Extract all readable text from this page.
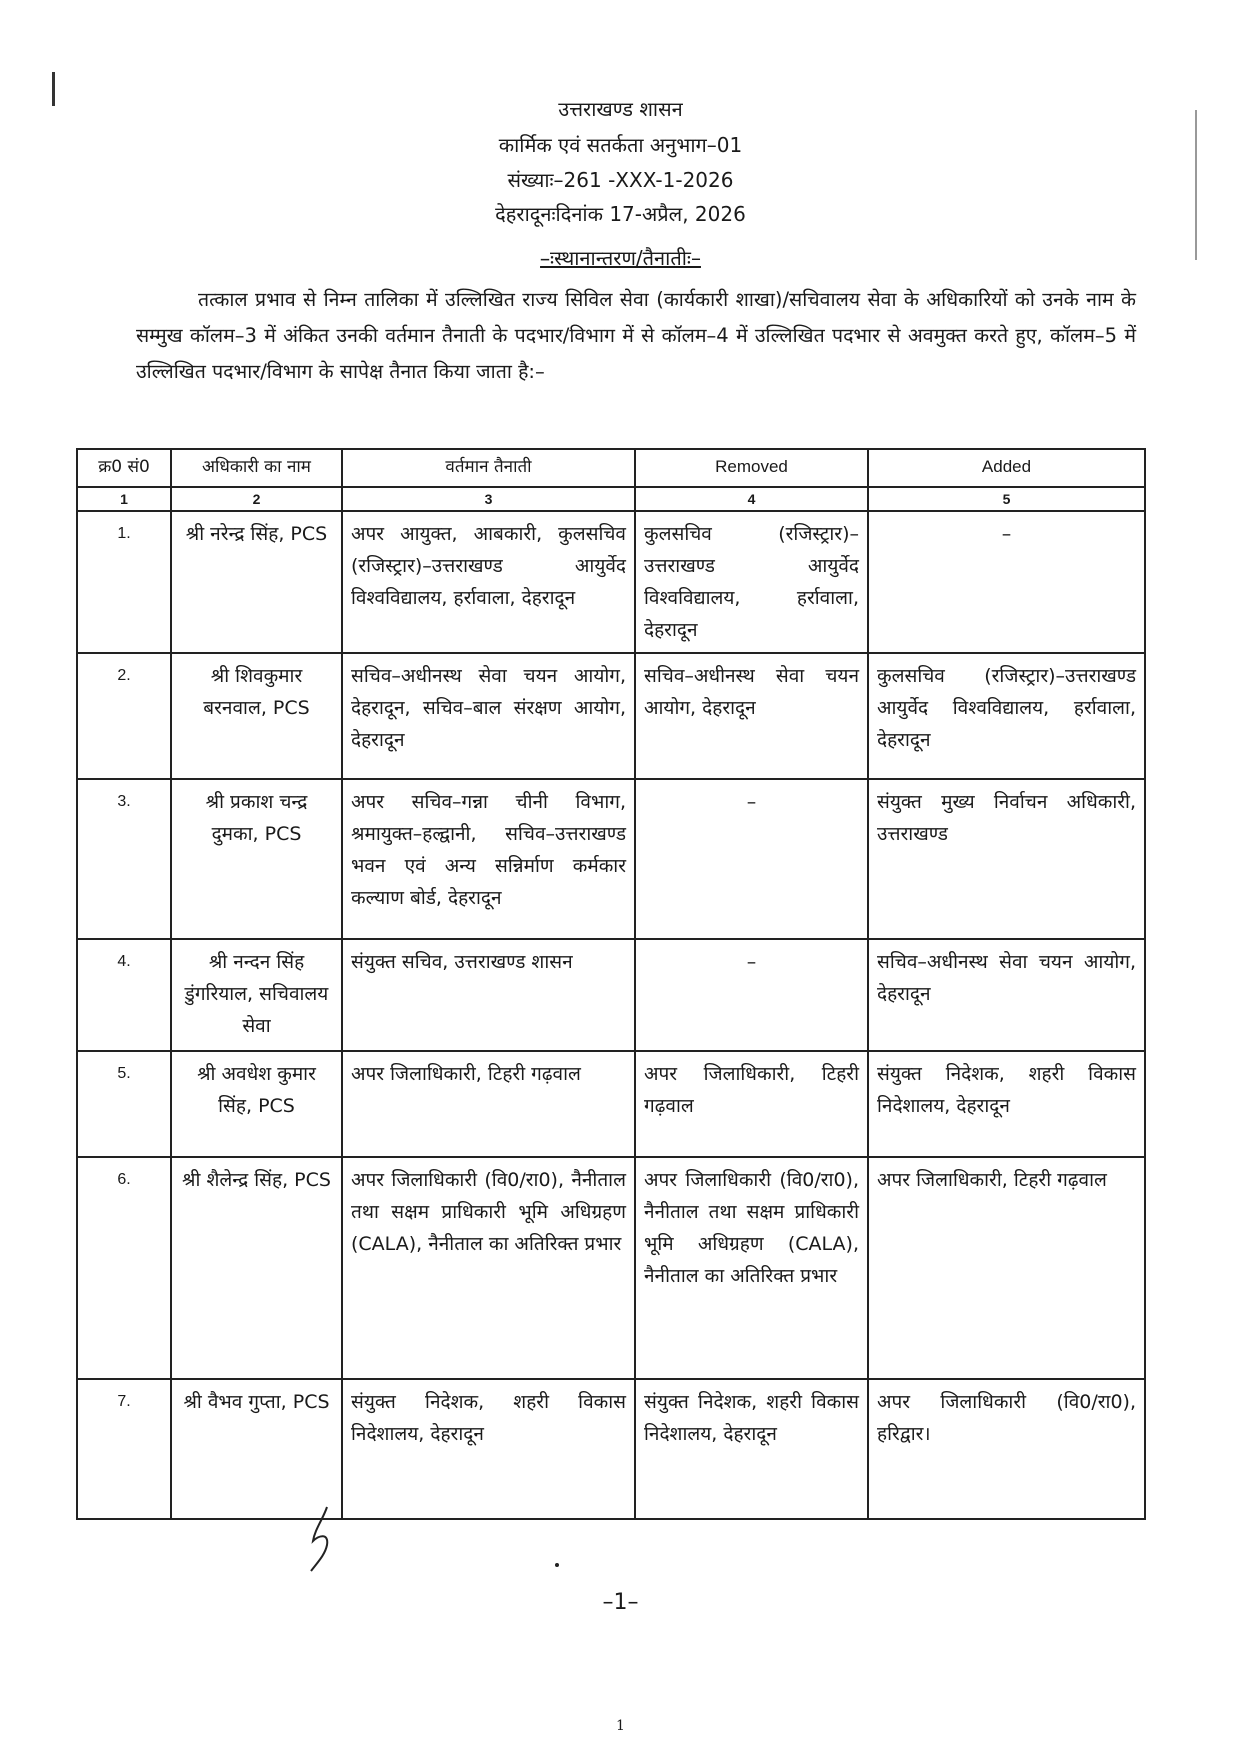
उत्तराखण्ड शासन
कार्मिक एवं सतर्कता अनुभाग–01
संख्याः–261 -XXX-1-2026
देहरादूनःदिनांक 17-अप्रैल, 2026
–ःस्थानान्तरण/तैनातीः–
तत्काल प्रभाव से निम्न तालिका में उल्लिखित राज्य सिविल सेवा (कार्यकारी शाखा)/सचिवालय सेवा के अधिकारियों को उनके नाम के सम्मुख कॉलम–3 में अंकित उनकी वर्तमान तैनाती के पदभार/विभाग में से कॉलम–4 में उल्लिखित पदभार से अवमुक्त करते हुए, कॉलम–5 में उल्लिखित पदभार/विभाग के सापेक्ष तैनात किया जाता है:–
क्र0 सं0	अधिकारी का नाम	वर्तमान तैनाती	Removed	Added
1	2	3	4	5
1.	श्री नरेन्द्र सिंह, PCS	अपर आयुक्त, आबकारी, कुलसचिव (रजिस्ट्रार)–उत्तराखण्ड आयुर्वेद विश्वविद्यालय, हर्रावाला, देहरादून	कुलसचिव (रजिस्ट्रार)–उत्तराखण्ड आयुर्वेद विश्वविद्यालय, हर्रावाला, देहरादून	–
2.	श्री शिवकुमार बरनवाल, PCS	सचिव–अधीनस्थ सेवा चयन आयोग, देहरादून, सचिव–बाल संरक्षण आयोग, देहरादून	सचिव–अधीनस्थ सेवा चयन आयोग, देहरादून	कुलसचिव (रजिस्ट्रार)–उत्तराखण्ड आयुर्वेद विश्वविद्यालय, हर्रावाला, देहरादून
3.	श्री प्रकाश चन्द्र दुमका, PCS	अपर सचिव–गन्ना चीनी विभाग, श्रमायुक्त–हल्द्वानी, सचिव–उत्तराखण्ड भवन एवं अन्य सन्निर्माण कर्मकार कल्याण बोर्ड, देहरादून	–	संयुक्त मुख्य निर्वाचन अधिकारी, उत्तराखण्ड
4.	श्री नन्दन सिंह डुंगरियाल, सचिवालय सेवा	संयुक्त सचिव, उत्तराखण्ड शासन	–	सचिव–अधीनस्थ सेवा चयन आयोग, देहरादून
5.	श्री अवधेश कुमार सिंह, PCS	अपर जिलाधिकारी, टिहरी गढ़वाल	अपर जिलाधिकारी, टिहरी गढ़वाल	संयुक्त निदेशक, शहरी विकास निदेशालय, देहरादून
6.	श्री शैलेन्द्र सिंह, PCS	अपर जिलाधिकारी (वि0/रा0), नैनीताल तथा सक्षम प्राधिकारी भूमि अधिग्रहण (CALA), नैनीताल का अतिरिक्त प्रभार	अपर जिलाधिकारी (वि0/रा0), नैनीताल तथा सक्षम प्राधिकारी भूमि अधिग्रहण (CALA), नैनीताल का अतिरिक्त प्रभार	अपर जिलाधिकारी, टिहरी गढ़वाल
7.	श्री वैभव गुप्ता, PCS	संयुक्त निदेशक, शहरी विकास निदेशालय, देहरादून	संयुक्त निदेशक, शहरी विकास निदेशालय, देहरादून	अपर जिलाधिकारी (वि0/रा0), हरिद्वार।
–1–
1
